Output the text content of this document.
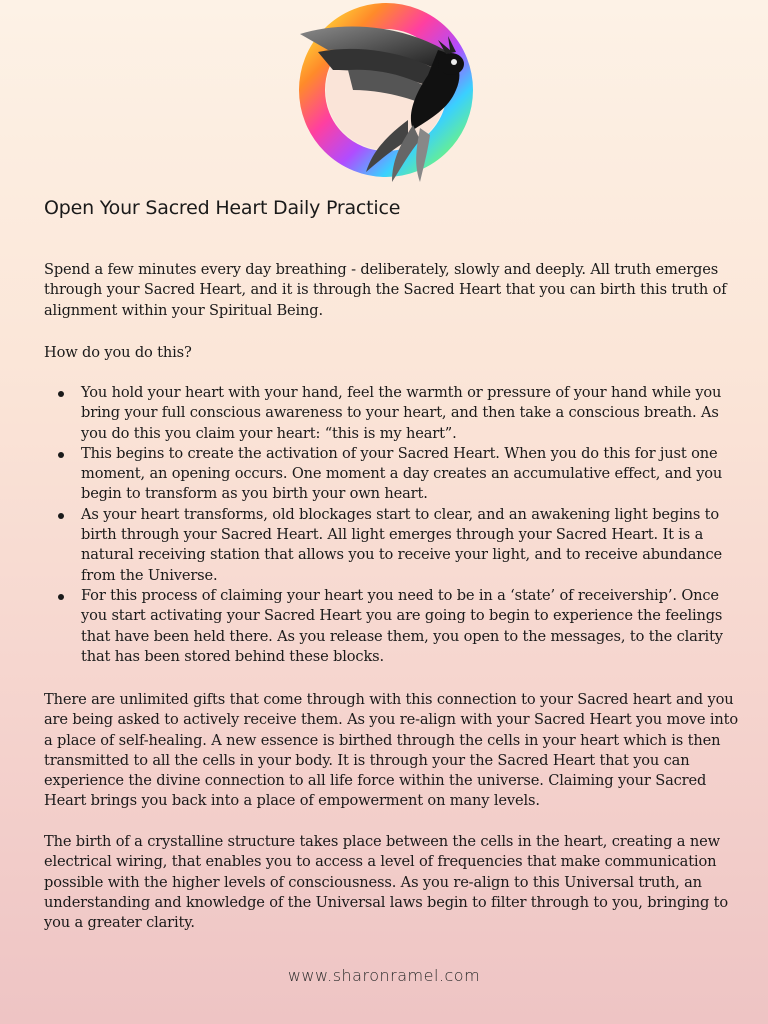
Open Your Sacred Heart Daily Practice

Spend a few minutes every day breathing - deliberately, slowly and deeply. All truth emerges through your Sacred Heart, and it is through the Sacred Heart that you can birth this truth of alignment within your Spiritual Being.

How do you do this?

You hold your heart with your hand, feel the warmth or pressure of your hand while you bring your full conscious awareness to your heart, and then take a conscious breath. As you do this you claim your heart: “this is my heart”.
This begins to create the activation of your Sacred Heart. When you do this for just one moment, an opening occurs. One moment a day creates an accumulative effect, and you begin to transform as you birth your own heart.
As your heart transforms, old blockages start to clear, and an awakening light begins to birth through your Sacred Heart. All light emerges through your Sacred Heart. It is a natural receiving station that allows you to receive your light, and to receive abundance from the Universe.
For this process of claiming your heart you need to be in a ‘state’ of receivership’. Once you start activating your Sacred Heart you are going to begin to experience the feelings that have been held there. As you release them, you open to the messages, to the clarity that has been stored behind these blocks.

There are unlimited gifts that come through with this connection to your Sacred heart and you are being asked to actively receive them. As you re-align with your Sacred Heart you move into a place of self-healing. A new essence is birthed through the cells in your heart which is then transmitted to all the cells in your body. It is through your the Sacred Heart that you can experience the divine connection to all life force within the universe. Claiming your Sacred Heart brings you back into a place of empowerment on many levels.

The birth of a crystalline structure takes place between the cells in the heart, creating a new electrical wiring, that enables you to access a level of frequencies that make communication possible with the higher levels of consciousness. As you re-align to this Universal truth, an understanding and knowledge of the Universal laws begin to filter through to you, bringing to you a greater clarity.

www.sharonramel.com
